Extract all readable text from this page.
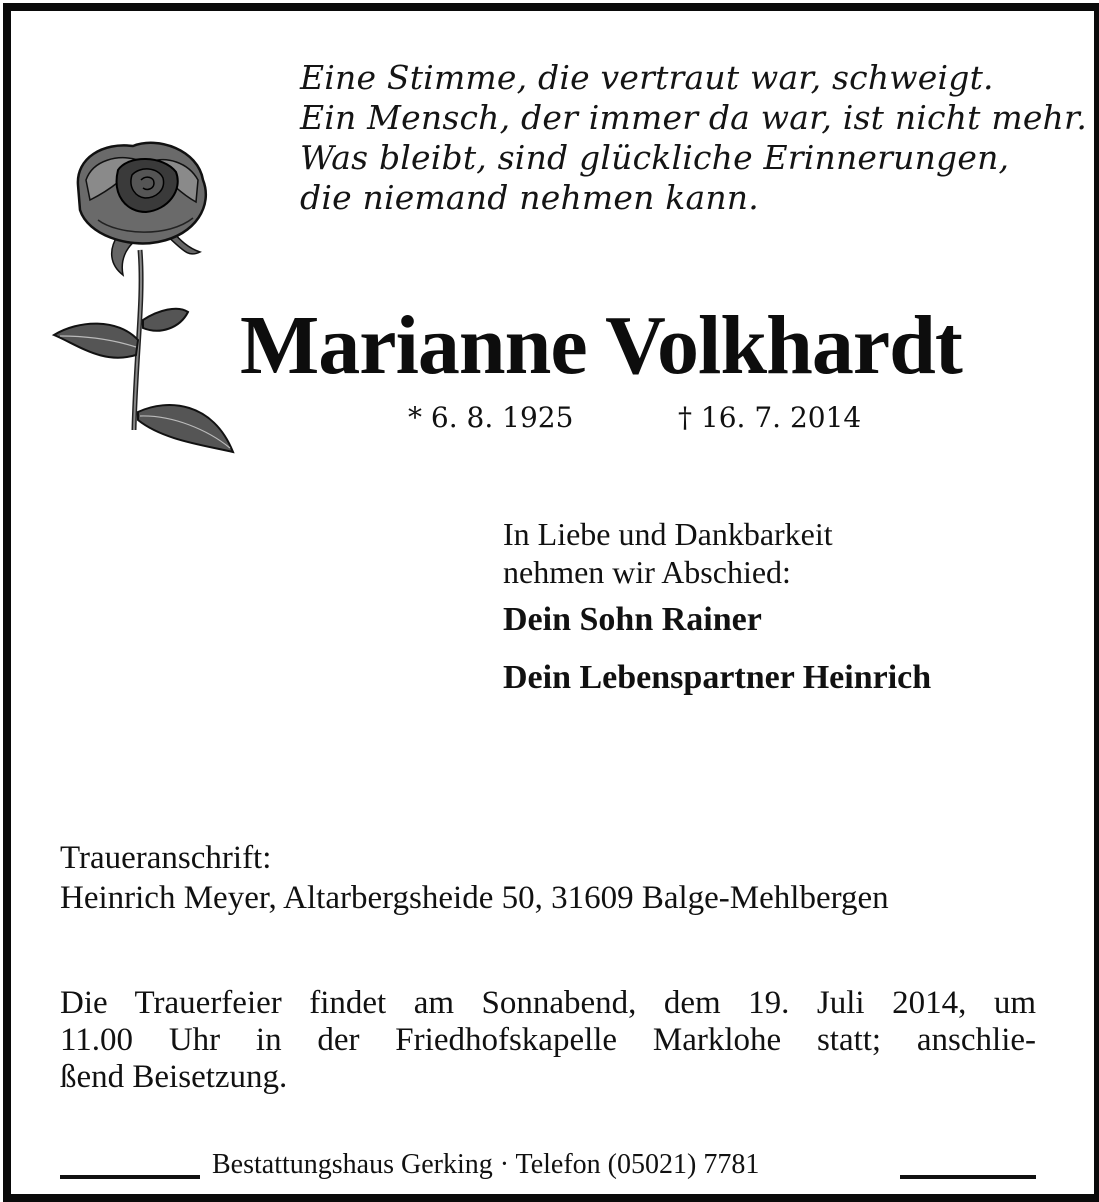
Eine Stimme, die vertraut war, schweigt.
Ein Mensch, der immer da war, ist nicht mehr.
Was bleibt, sind glückliche Erinnerungen,
die niemand nehmen kann.
Marianne Volkhardt
* 6. 8. 1925	† 16. 7. 2014
In Liebe und Dankbarkeit
nehmen wir Abschied:
Dein Sohn Rainer
Dein Lebenspartner Heinrich
Traueranschrift:
Heinrich Meyer, Altarbergsheide 50, 31609 Balge-Mehlbergen
Die Trauerfeier findet am Sonnabend, dem 19. Juli 2014, um
11.00 Uhr in der Friedhofskapelle Marklohe statt; anschlie-
ßend Beisetzung.
Bestattungshaus Gerking · Telefon (05021) 7781
